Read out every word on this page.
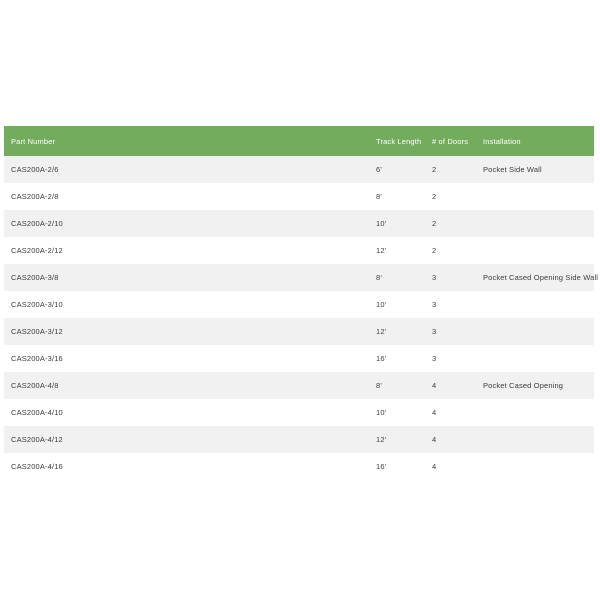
Part Number	Track Length	# of Doors	Installation
CAS200A-2/6	6'	2	Pocket Side Wall
CAS200A-2/8	8'	2	
CAS200A-2/10	10'	2	
CAS200A-2/12	12'	2	
CAS200A-3/8	8'	3	Pocket Cased Opening Side Wall
CAS200A-3/10	10'	3	
CAS200A-3/12	12'	3	
CAS200A-3/16	16'	3	
CAS200A-4/8	8'	4	Pocket Cased Opening
CAS200A-4/10	10'	4	
CAS200A-4/12	12'	4	
CAS200A-4/16	16'	4	
